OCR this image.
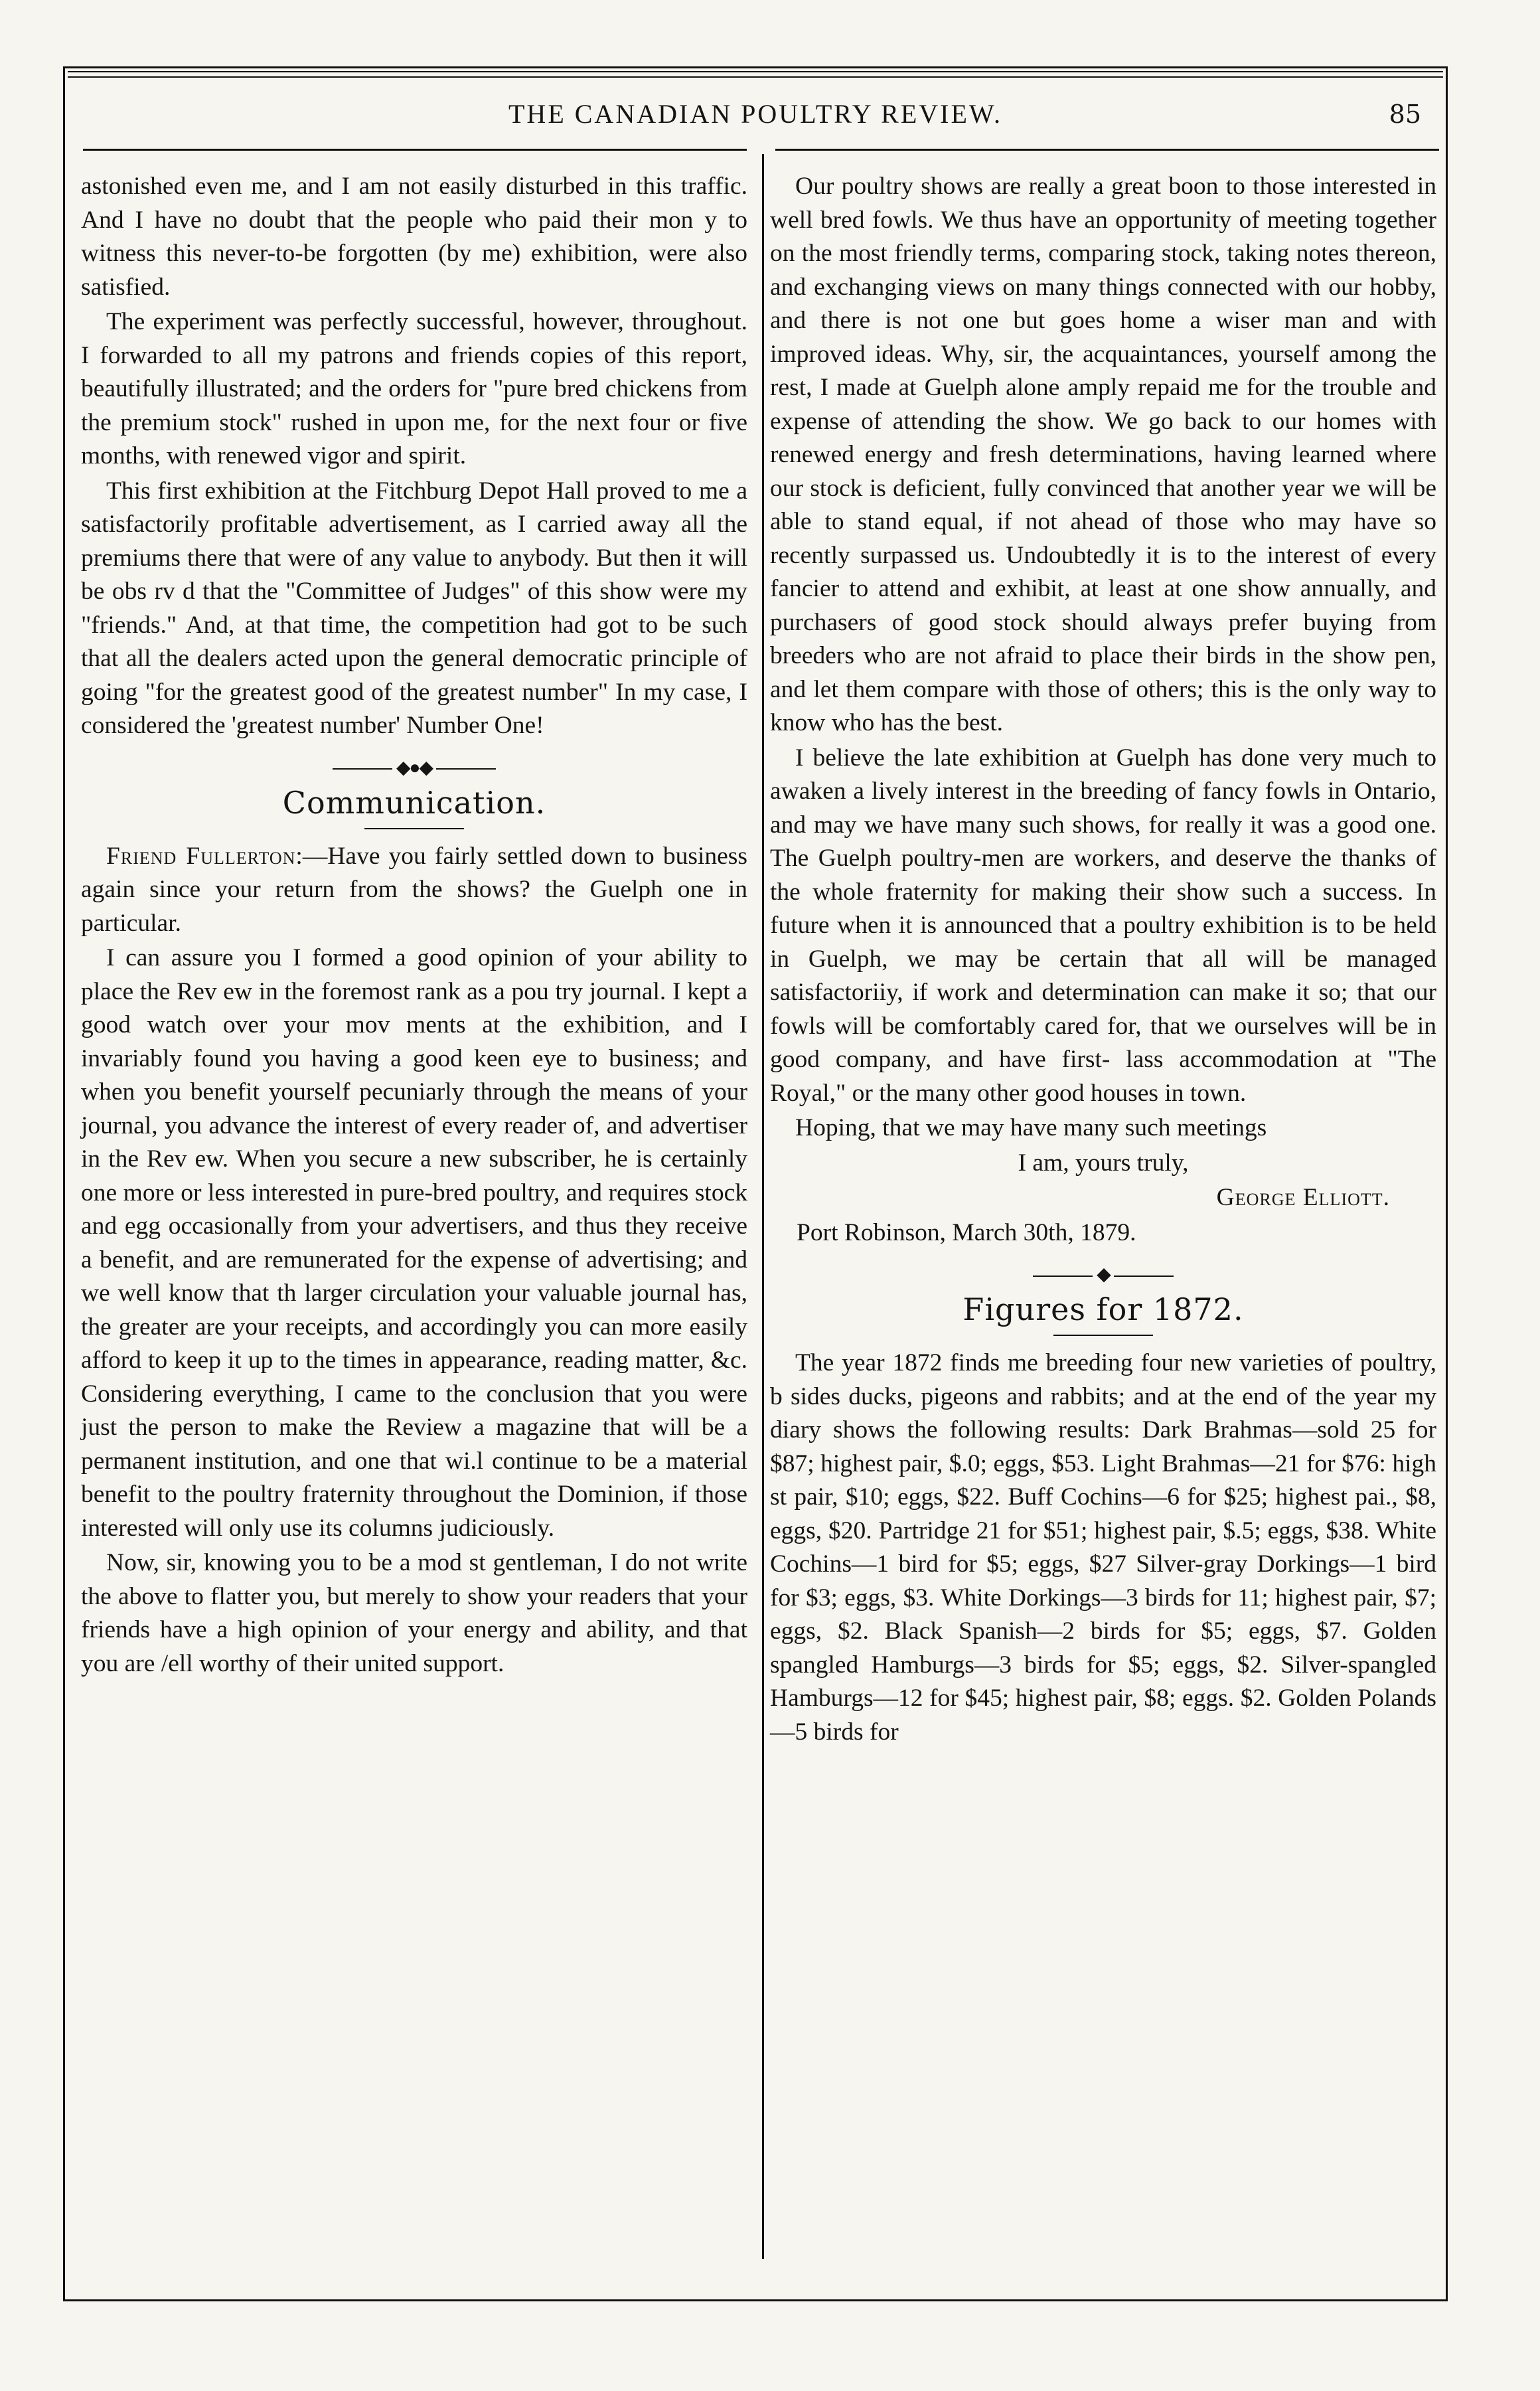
THE CANADIAN POULTRY REVIEW.	85

astonished even me, and I am not easily disturbed in this traffic. And I have no doubt that the people who paid their mon y to witness this never-to-be forgotten (by me) exhibition, were also satisfied.

The experiment was perfectly successful, however, throughout. I forwarded to all my patrons and friends copies of this report, beautifully illustrated; and the orders for "pure bred chickens from the premium stock" rushed in upon me, for the next four or five months, with renewed vigor and spirit.

This first exhibition at the Fitchburg Depot Hall proved to me a satisfactorily profitable advertisement, as I carried away all the premiums there that were of any value to anybody. But then it will be obs rv d that the "Committee of Judges" of this show were my "friends." And, at that time, the competition had got to be such that all the dealers acted upon the general democratic principle of going "for the greatest good of the greatest number" In my case, I considered the 'greatest number' Number One!

◆●◆
Communication.

Friend Fullerton:—Have you fairly settled down to business again since your return from the shows? the Guelph one in particular.

I can assure you I formed a good opinion of your ability to place the Rev ew in the foremost rank as a pou try journal. I kept a good watch over your mov ments at the exhibition, and I invariably found you having a good keen eye to business; and when you benefit yourself pecuniarly through the means of your journal, you advance the interest of every reader of, and advertiser in the Rev ew. When you secure a new subscriber, he is certainly one more or less interested in pure-bred poultry, and requires stock and egg occasionally from your advertisers, and thus they receive a benefit, and are remunerated for the expense of advertising; and we well know that th larger circulation your valuable journal has, the greater are your receipts, and accordingly you can more easily afford to keep it up to the times in appearance, reading matter, &c. Considering everything, I came to the conclusion that you were just the person to make the Review a magazine that will be a permanent institution, and one that wi.l continue to be a material benefit to the poultry fraternity throughout the Dominion, if those interested will only use its columns judiciously.

Now, sir, knowing you to be a mod st gentleman, I do not write the above to flatter you, but merely to show your readers that your friends have a high opinion of your energy and ability, and that you are /ell worthy of their united support.

Our poultry shows are really a great boon to those interested in well bred fowls. We thus have an opportunity of meeting together on the most friendly terms, comparing stock, taking notes thereon, and exchanging views on many things connected with our hobby, and there is not one but goes home a wiser man and with improved ideas. Why, sir, the acquaintances, yourself among the rest, I made at Guelph alone amply repaid me for the trouble and expense of attending the show. We go back to our homes with renewed energy and fresh determinations, having learned where our stock is deficient, fully convinced that another year we will be able to stand equal, if not ahead of those who may have so recently surpassed us. Undoubtedly it is to the interest of every fancier to attend and exhibit, at least at one show annually, and purchasers of good stock should always prefer buying from breeders who are not afraid to place their birds in the show pen, and let them compare with those of others; this is the only way to know who has the best.

I believe the late exhibition at Guelph has done very much to awaken a lively interest in the breeding of fancy fowls in Ontario, and may we have many such shows, for really it was a good one. The Guelph poultry-men are workers, and deserve the thanks of the whole fraternity for making their show such a success. In future when it is announced that a poultry exhibition is to be held in Guelph, we may be certain that all will be managed satisfactoriiy, if work and determination can make it so; that our fowls will be comfortably cared for, that we ourselves will be in good company, and have first- lass accommodation at "The Royal," or the many other good houses in town.

Hoping, that we may have many such meetings

I am, yours truly,

George Elliott.

Port Robinson, March 30th, 1879.

◆
Figures for 1872.

The year 1872 finds me breeding four new varieties of poultry, b sides ducks, pigeons and rabbits; and at the end of the year my diary shows the following results: Dark Brahmas—sold 25 for $87; highest pair, $.0; eggs, $53. Light Brahmas—21 for $76: high st pair, $10; eggs, $22. Buff Cochins—6 for $25; highest pai., $8, eggs, $20. Partridge 21 for $51; highest pair, $.5; eggs, $38. White Cochins—1 bird for $5; eggs, $27 Silver-gray Dorkings—1 bird for $3; eggs, $3. White Dorkings—3 birds for 11; highest pair, $7; eggs, $2. Black Spanish—2 birds for $5; eggs, $7. Golden spangled Hamburgs—3 birds for $5; eggs, $2. Silver-spangled Hamburgs—12 for $45; highest pair, $8; eggs. $2. Golden Polands—5 birds for
